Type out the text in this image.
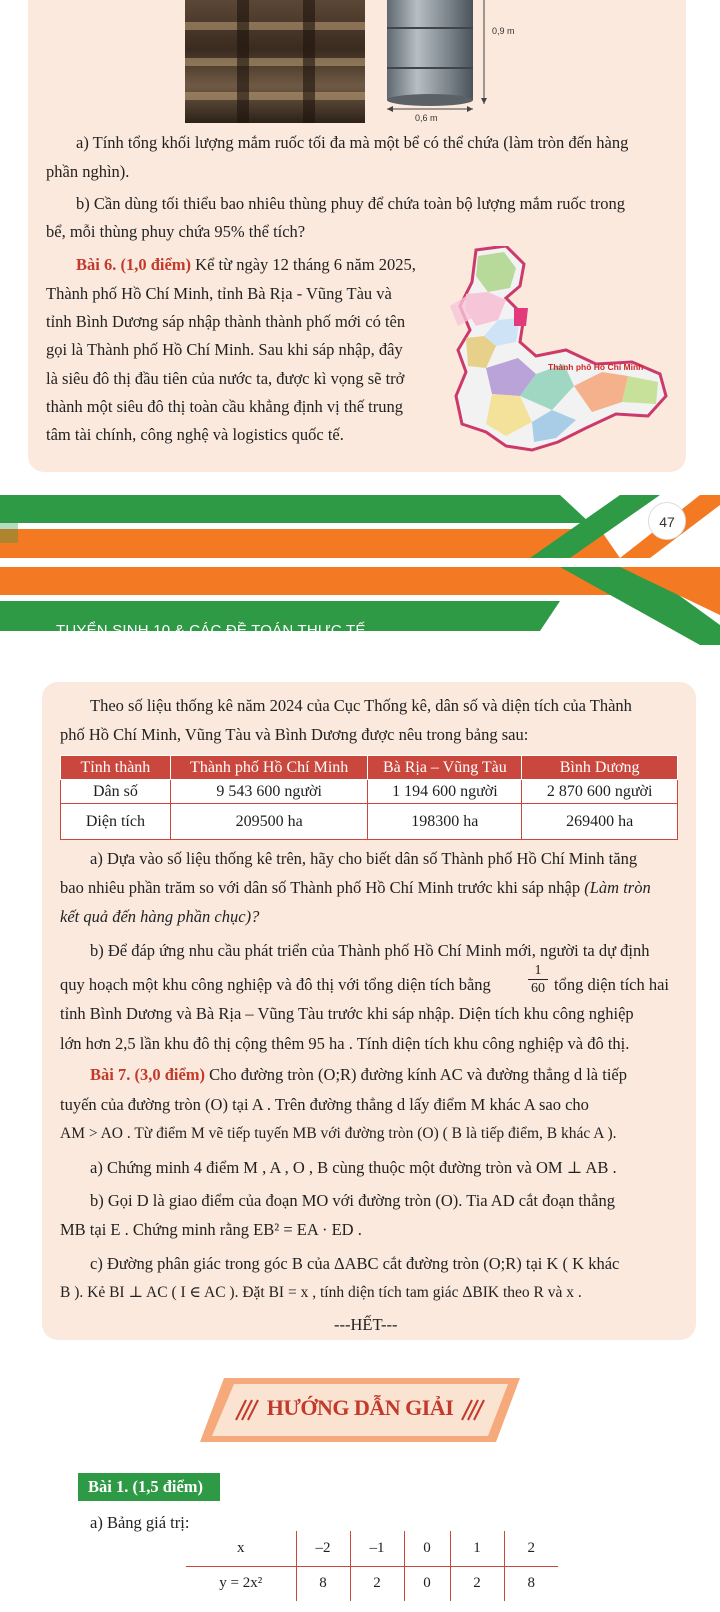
0,9 m
0,6 m
a) Tính tổng khối lượng mắm ruốc tối đa mà một bể có thể chứa (làm tròn đến hàng
phần nghìn).
b) Cần dùng tối thiểu bao nhiêu thùng phuy để chứa toàn bộ lượng mắm ruốc trong
bể, mỗi thùng phuy chứa 95% thể tích?
Bài 6. (1,0 điểm) Kể từ ngày 12 tháng 6 năm 2025,
Thành phố Hồ Chí Minh, tỉnh Bà Rịa - Vũng Tàu và
tỉnh Bình Dương sáp nhập thành thành phố mới có tên
gọi là Thành phố Hồ Chí Minh. Sau khi sáp nhập, đây
là siêu đô thị đầu tiên của nước ta, được kì vọng sẽ trở
thành một siêu đô thị toàn cầu khẳng định vị thế trung
tâm tài chính, công nghệ và logistics quốc tế.
Thành phố Hồ Chí Minh
47
TUYỂN SINH 10 & CÁC ĐỀ TOÁN THỰC TẾ
Theo số liệu thống kê năm 2024 của Cục Thống kê, dân số và diện tích của Thành
phố Hồ Chí Minh, Vũng Tàu và Bình Dương được nêu trong bảng sau:
Tỉnh thành	Thành phố Hồ Chí Minh	Bà Rịa – Vũng Tàu	Bình Dương
Dân số	9 543 600 người	1 194 600 người	2 870 600 người
Diện tích	209500 ha	198300 ha	269400 ha
a) Dựa vào số liệu thống kê trên, hãy cho biết dân số Thành phố Hồ Chí Minh tăng
bao nhiêu phần trăm so với dân số Thành phố Hồ Chí Minh trước khi sáp nhập (Làm tròn
kết quả đến hàng phần chục)?
b) Để đáp ứng nhu cầu phát triển của Thành phố Hồ Chí Minh mới, người ta dự định
quy hoạch một khu công nghiệp và đô thị với tổng diện tích bằng	$\frac{1}{60}$ tổng diện tích hai
tỉnh Bình Dương và Bà Rịa – Vũng Tàu trước khi sáp nhập. Diện tích khu công nghiệp
lớn hơn 2,5 lần khu đô thị cộng thêm 95 ha . Tính diện tích khu công nghiệp và đô thị.
Bài 7. (3,0 điểm) Cho đường tròn (O;R) đường kính AC và đường thẳng d là tiếp
tuyến của đường tròn (O) tại A . Trên đường thẳng d lấy điểm M khác A sao cho
AM > AO . Từ điểm M vẽ tiếp tuyến MB với đường tròn (O) ( B là tiếp điểm, B khác A ).
a) Chứng minh 4 điểm M , A , O , B cùng thuộc một đường tròn và OM ⊥ AB .
b) Gọi D là giao điểm của đoạn MO với đường tròn (O). Tia AD cắt đoạn thẳng
MB tại E . Chứng minh rằng EB² = EA · ED .
c) Đường phân giác trong góc B của ΔABC cắt đường tròn (O;R) tại K ( K khác
B ). Kẻ BI ⊥ AC ( I ∈ AC ). Đặt BI = x , tính diện tích tam giác ΔBIK theo R và x .
---HẾT---
HƯỚNG DẪN GIẢI
Bài 1. (1,5 điểm)
a) Bảng giá trị:
x	–2	–1	0	1	2
y = 2x²	8	2	0	2	8
